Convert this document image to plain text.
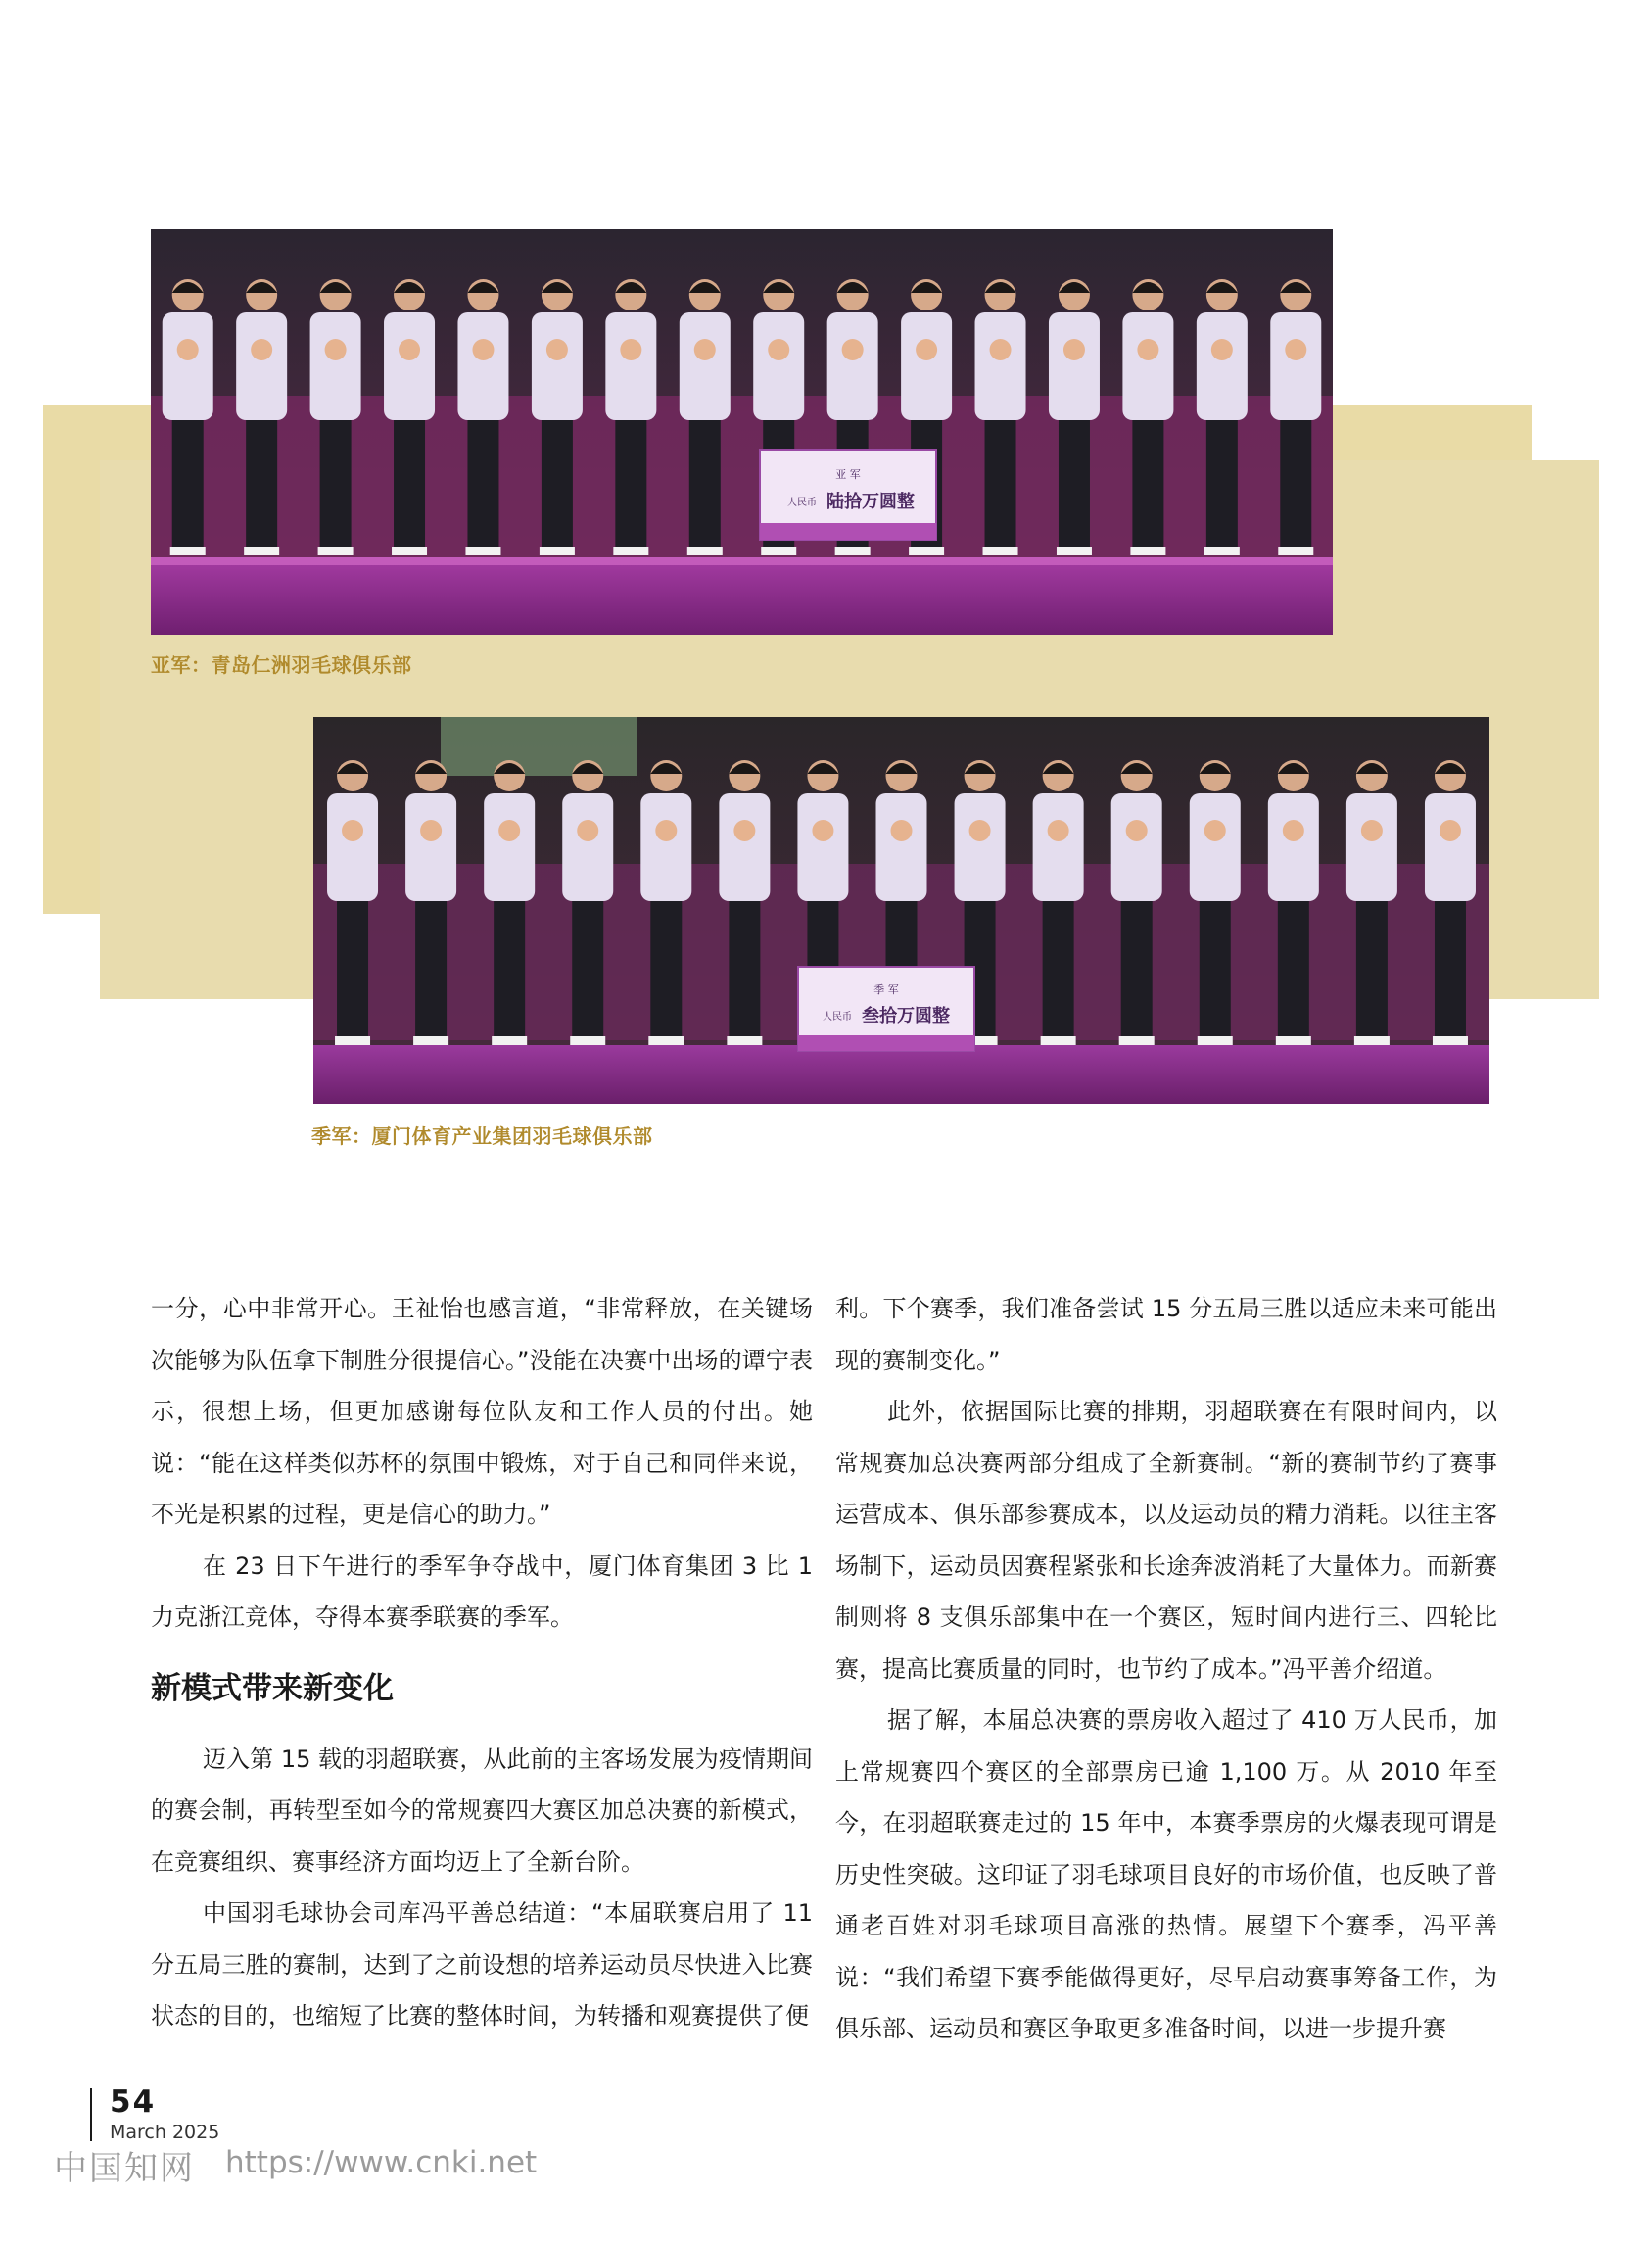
亚 军
人民币 陆拾万圆整
亚军：青岛仁洲羽毛球俱乐部
季 军
人民币 叁拾万圆整
季军：厦门体育产业集团羽毛球俱乐部

一分，心中非常开心。王祉怡也感言道，“非常释放，在关键场次能够为队伍拿下制胜分很提信心。”没能在决赛中出场的谭宁表示，很想上场，但更加感谢每位队友和工作人员的付出。她说：“能在这样类似苏杯的氛围中锻炼，对于自己和同伴来说，不光是积累的过程，更是信心的助力。”

在 23 日下午进行的季军争夺战中，厦门体育集团 3 比 1 力克浙江竞体，夺得本赛季联赛的季军。

新模式带来新变化

迈入第 15 载的羽超联赛，从此前的主客场发展为疫情期间的赛会制，再转型至如今的常规赛四大赛区加总决赛的新模式，在竞赛组织、赛事经济方面均迈上了全新台阶。

中国羽毛球协会司库冯平善总结道：“本届联赛启用了 11 分五局三胜的赛制，达到了之前设想的培养运动员尽快进入比赛状态的目的，也缩短了比赛的整体时间，为转播和观赛提供了便

利。下个赛季，我们准备尝试 15 分五局三胜以适应未来可能出现的赛制变化。”

此外，依据国际比赛的排期，羽超联赛在有限时间内，以常规赛加总决赛两部分组成了全新赛制。“新的赛制节约了赛事运营成本、俱乐部参赛成本，以及运动员的精力消耗。以往主客场制下，运动员因赛程紧张和长途奔波消耗了大量体力。而新赛制则将 8 支俱乐部集中在一个赛区，短时间内进行三、四轮比赛，提高比赛质量的同时，也节约了成本。”冯平善介绍道。

据了解，本届总决赛的票房收入超过了 410 万人民币，加上常规赛四个赛区的全部票房已逾 1,100 万。从 2010 年至今，在羽超联赛走过的 15 年中，本赛季票房的火爆表现可谓是历史性突破。这印证了羽毛球项目良好的市场价值，也反映了普通老百姓对羽毛球项目高涨的热情。展望下个赛季，冯平善说：“我们希望下赛季能做得更好，尽早启动赛事筹备工作，为俱乐部、运动员和赛区争取更多准备时间，以进一步提升赛

54
March 2025
中国知网 https://www.cnki.net
